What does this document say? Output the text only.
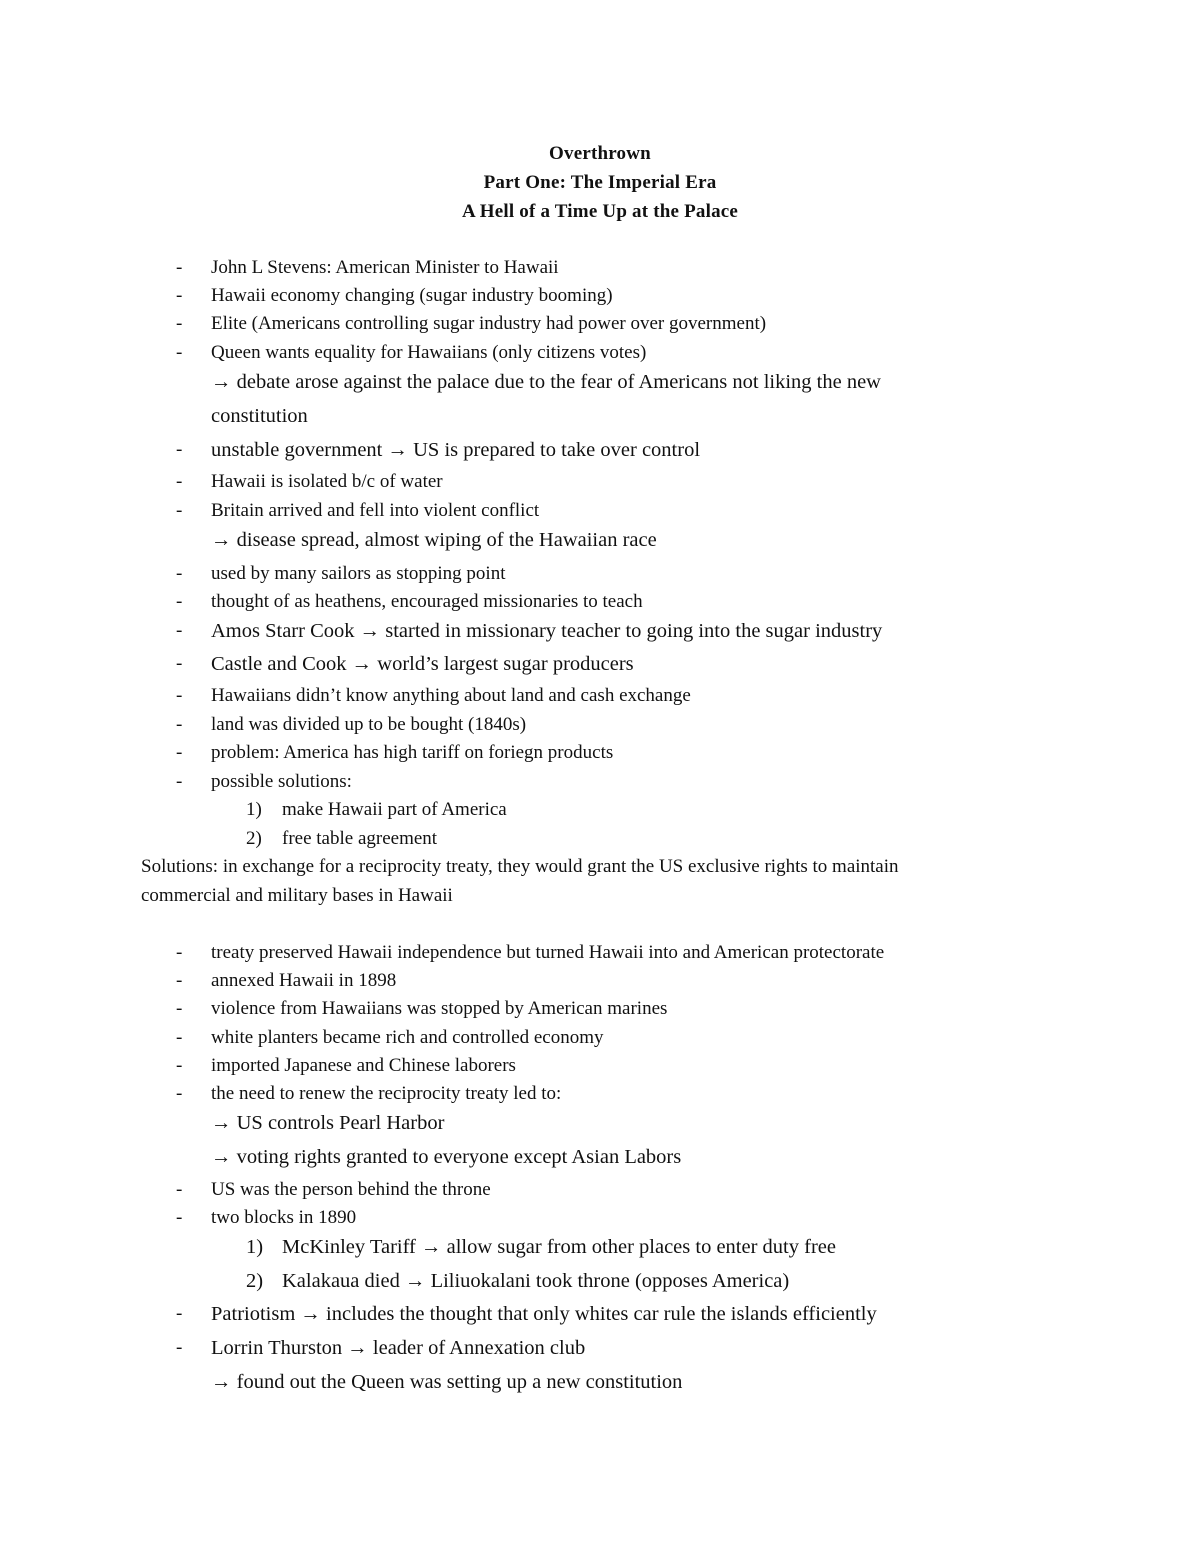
Overthrown
Part One: The Imperial Era
A Hell of a Time Up at the Palace
- John L Stevens: American Minister to Hawaii
- Hawaii economy changing (sugar industry booming)
- Elite (Americans controlling sugar industry had power over government)
- Queen wants equality for Hawaiians (only citizens votes)
→ debate arose against the palace due to the fear of Americans not liking the new
constitution
- unstable government → US is prepared to take over control
- Hawaii is isolated b/c of water
- Britain arrived and fell into violent conflict
→ disease spread, almost wiping of the Hawaiian race
- used by many sailors as stopping point
- thought of as heathens, encouraged missionaries to teach
- Amos Starr Cook → started in missionary teacher to going into the sugar industry
- Castle and Cook → world’s largest sugar producers
- Hawaiians didn’t know anything about land and cash exchange
- land was divided up to be bought (1840s)
- problem: America has high tariff on foriegn products
- possible solutions:
1) make Hawaii part of America
2) free table agreement
Solutions: in exchange for a reciprocity treaty, they would grant the US exclusive rights to maintain
commercial and military bases in Hawaii
- treaty preserved Hawaii independence but turned Hawaii into and American protectorate
- annexed Hawaii in 1898
- violence from Hawaiians was stopped by American marines
- white planters became rich and controlled economy
- imported Japanese and Chinese laborers
- the need to renew the reciprocity treaty led to:
→ US controls Pearl Harbor
→ voting rights granted to everyone except Asian Labors
- US was the person behind the throne
- two blocks in 1890
1) McKinley Tariff → allow sugar from other places to enter duty free
2) Kalakaua died → Liliuokalani took throne (opposes America)
- Patriotism → includes the thought that only whites car rule the islands efficiently
- Lorrin Thurston → leader of Annexation club
→ found out the Queen was setting up a new constitution
